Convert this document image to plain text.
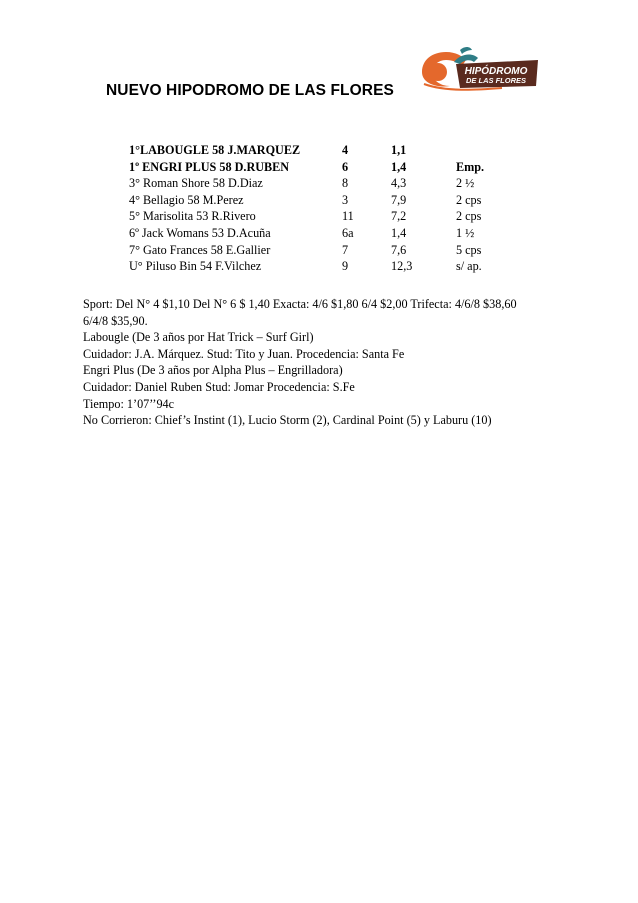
NUEVO HIPODROMO DE LAS FLORES
HIPÓDROMO
DE LAS FLORES
1°LABOUGLE 58 J.MARQUEZ	4	1,1
1º ENGRI PLUS 58 D.RUBEN	6	1,4	Emp.
3° Roman Shore 58 D.Diaz	8	4,3	2 ½
4° Bellagio 58 M.Perez	3	7,9	2 cps
5° Marisolita 53 R.Rivero	11	7,2	2 cps
6º Jack Womans 53 D.Acuña	6a	1,4	1 ½
7° Gato Frances 58 E.Gallier	7	7,6	5 cps
U° Piluso Bin 54 F.Vilchez	9	12,3	s/ ap.

Sport: Del N° 4 $1,10 Del N° 6 $ 1,40 Exacta: 4/6 $1,80 6/4 $2,00 Trifecta: 4/6/8 $38,60

6/4/8 $35,90.

Labougle (De 3 años por Hat Trick – Surf Girl)

Cuidador: J.A. Márquez. Stud: Tito y Juan. Procedencia: Santa Fe

Engri Plus (De 3 años por Alpha Plus – Engrilladora)

Cuidador: Daniel Ruben Stud: Jomar Procedencia: S.Fe

Tiempo: 1’07’’94c

No Corrieron: Chief’s Instint (1), Lucio Storm (2), Cardinal Point (5) y Laburu (10)
